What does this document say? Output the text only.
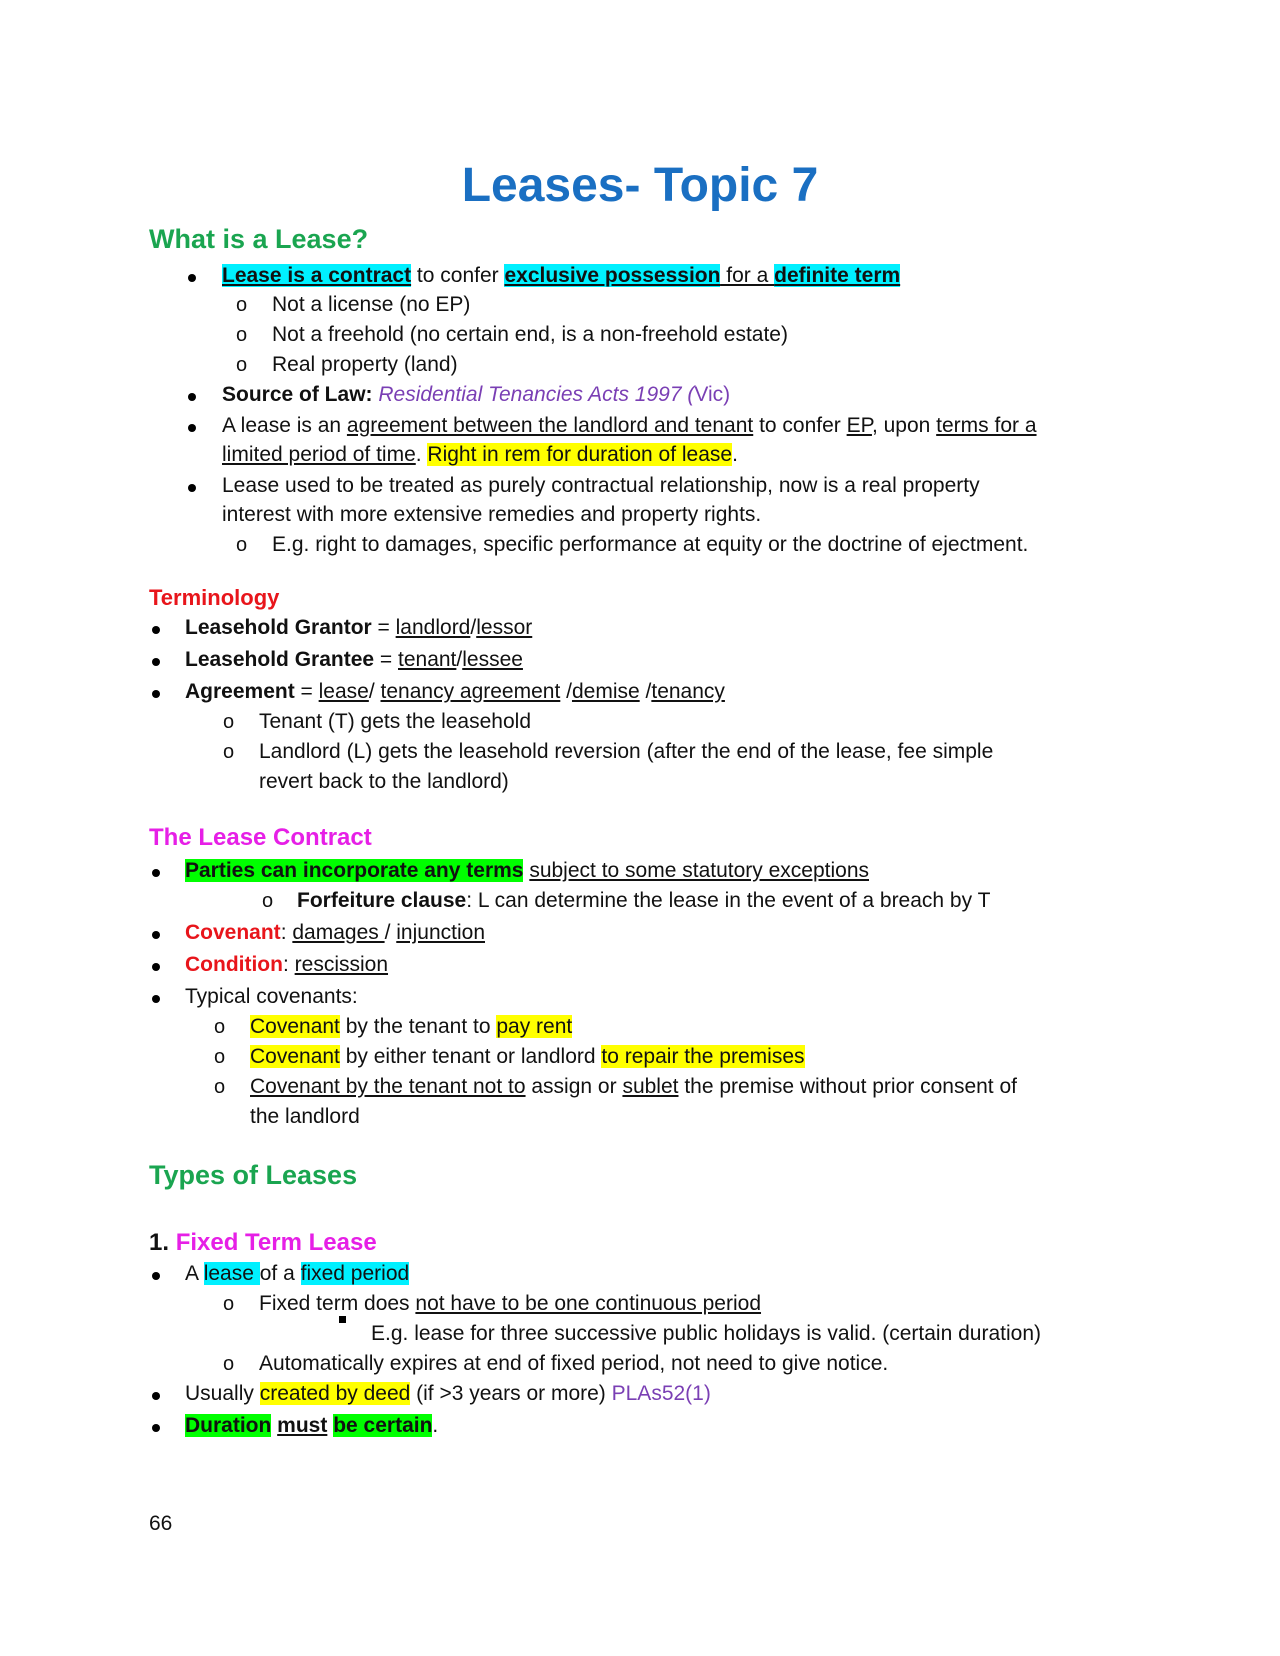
Leases- Topic 7
What is a Lease?
Lease is a contract to confer exclusive possession for a definite term
o Not a license (no EP)
o Not a freehold (no certain end, is a non-freehold estate)
o Real property (land)
Source of Law: Residential Tenancies Acts 1997 (Vic)
A lease is an agreement between the landlord and tenant to confer EP, upon terms for a
limited period of time. Right in rem for duration of lease.
Lease used to be treated as purely contractual relationship, now is a real property
interest with more extensive remedies and property rights.
o E.g. right to damages, specific performance at equity or the doctrine of ejectment.
Terminology
Leasehold Grantor = landlord/lessor
Leasehold Grantee = tenant/lessee
Agreement = lease/ tenancy agreement /demise /tenancy
o Tenant (T) gets the leasehold
o Landlord (L) gets the leasehold reversion (after the end of the lease, fee simple
revert back to the landlord)
The Lease Contract
Parties can incorporate any terms subject to some statutory exceptions
o Forfeiture clause: L can determine the lease in the event of a breach by T
Covenant: damages / injunction
Condition: rescission
Typical covenants:
o Covenant by the tenant to pay rent
o Covenant by either tenant or landlord to repair the premises
o Covenant by the tenant not to assign or sublet the premise without prior consent of
the landlord
Types of Leases
1. Fixed Term Lease
A lease of a fixed period
o Fixed term does not have to be one continuous period
E.g. lease for three successive public holidays is valid. (certain duration)
o Automatically expires at end of fixed period, not need to give notice.
Usually created by deed (if >3 years or more) PLAs52(1)
Duration must be certain.
66
